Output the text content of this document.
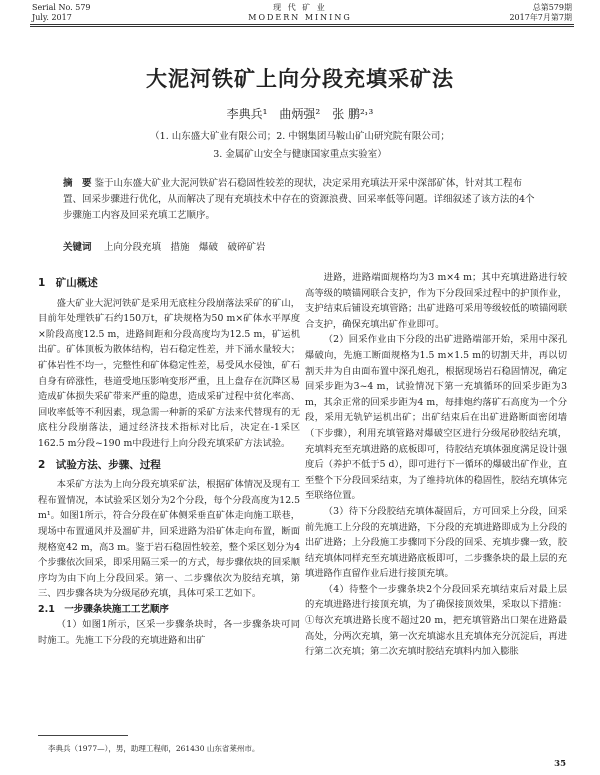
Serial No. 579
July. 2017
现 代 矿 业
MODERN MINING
总第579期
2017年7月第7期
大泥河铁矿上向分段充填采矿法
李典兵¹　曲炳强²　张 鹏²˒³
（1. 山东盛大矿业有限公司；2. 中钢集团马鞍山矿山研究院有限公司；
3. 金属矿山安全与健康国家重点实验室）
摘　要 鉴于山东盛大矿业大泥河铁矿岩石稳固性较差的现状，决定采用充填法开采中深部矿体，针对其工程布置、回采步骤进行优化，从而解决了现有充填技术中存在的资源浪费、回采率低等问题。详细叙述了该方法的4个步骤施工内容及回采充填工艺顺序。
关键词　 上向分段充填　措施　爆破　破碎矿岩
1　矿山概述

盛大矿业大泥河铁矿是采用无底柱分段崩落法采矿的矿山，目前年处理铁矿石约150万t，矿块规格为50 m×矿体水平厚度×阶段高度12.5 m，进路间距和分段高度均为12.5 m，矿运机出矿。矿体顶板为散体结构，岩石稳定性差，并下涌水量较大；矿体岩性不均一，完整性和矿体稳定性差，易受风水侵蚀，矿石自身有碎涨性，巷道受地压影响变形严重，且上盘存在沉降区易造成矿体损失采矿带来严重的隐患，造成采矿过程中贫化率高、回收率低等不利因素，现急需一种新的采矿方法来代替现有的无底柱分段崩落法，通过经济技术指标对比后，决定在-1采区162.5 m分段~190 m中段进行上向分段充填采矿方法试验。

2　试验方法、步骤、过程

本采矿方法为上向分段充填采矿法，根据矿体情况及现有工程布置情况，本试验采区划分为2个分段，每个分段高度为12.5 m¹。如图1所示，符合分段在矿体侧采垂直矿体走向施工联巷，现场中布置通风并及溜矿井，回采进路为沿矿体走向布置，断面规格宽42 m，高3 m。鉴于岩石稳固性较差，整个采区划分为4个步骤依次回采，即采用隔三采一的方式，每步骤依块的回采顺序均为由下向上分段回采。第一、二步骤依次为胶结充填，第三、四步骤各块为分级尾砂充填，具体可采工艺如下。

2.1　一步骤条块施工工艺顺序

（1）如图1所示，区采一步骤条块时，各一步骤条块可同时施工。先施工下分段的充填进路和出矿

进路，进路端面规格均为3 m×4 m；其中充填进路进行较高等级的喷锚网联合支护，作为下分段回采过程中的护顶作业，支护结束后铺设充填管路；出矿进路可采用等级较低的喷锚网联合支护，确保充填出矿作业即可。

（2）回采作业由下分段的出矿进路端部开始，采用中深孔爆破向，先施工断面规格为1.5 m×1.5 m的切割天井，再以切割天井为自由面布置中深孔炮孔，根据现场岩石稳固情况，确定回采步距为3~4 m，试验情况下第一充填循环的回采步距为3 m，其余正常的回采步距为4 m，每排炮约落矿石高度为一个分段，采用无轨铲运机出矿；出矿结束后在出矿进路断面密闭墙（下步骤），利用充填管路对爆破空区进行分级尾砂胶结充填，充填料充至充填进路的底板即可，待胶结充填体强度满足设计强度后（养护不低于5 d），即可进行下一循环的爆破出矿作业，直至整个下分段回采结束，为了维持坑体的稳固性，胶结充填体完至联络位置。

（3）待下分段胶结充填体凝固后，方可回采上分段，回采前先施工上分段的充填进路，下分段的充填进路即成为上分段的出矿进路；上分段施工步骤同下分段的回采、充填步骤一致，胶结充填体同样充至充填进路底板即可，二步骤条块的最上层的充填进路作直留作业后进行接顶充填。

（4）待整个一步骤条块2个分段回采充填结束后对最上层的充填进路进行接顶充填，为了确保接顶效果，采取以下措施：①每次充填进路长度不超过20 m，把充填管路出口架在进路最高处，分两次充填，第一次充填滤水且充填体充分沉淀后，再进行第二次充填；第二次充填时胶结充填料内加入膨胀

李典兵（1977—），男，助理工程师，261430 山东省莱州市。
35
